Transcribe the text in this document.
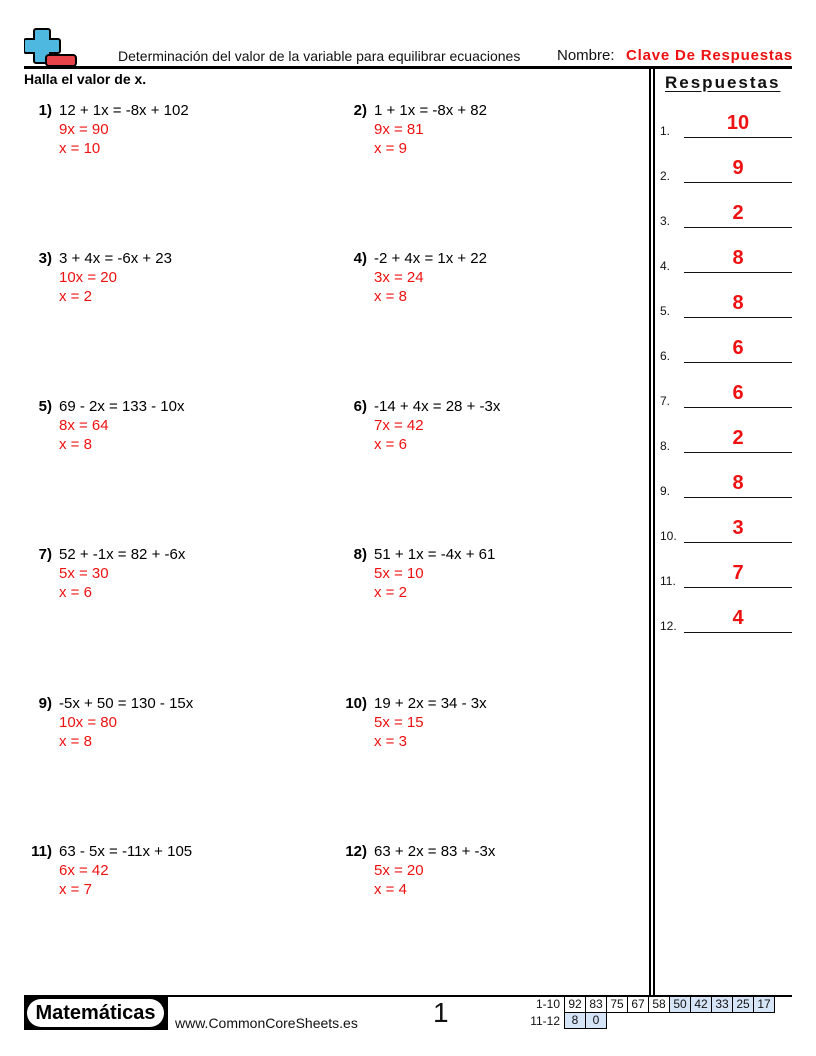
Determinación del valor de la variable para equilibrar ecuaciones Nombre: Clave De Respuestas
Halla el valor de x.
1) 12 + 1x = -8x + 102
9x = 90
x = 10
2) 1 + 1x = -8x + 82
9x = 81
x = 9
3) 3 + 4x = -6x + 23
10x = 20
x = 2
4) -2 + 4x = 1x + 22
3x = 24
x = 8
5) 69 - 2x = 133 - 10x
8x = 64
x = 8
6) -14 + 4x = 28 + -3x
7x = 42
x = 6
7) 52 + -1x = 82 + -6x
5x = 30
x = 6
8) 51 + 1x = -4x + 61
5x = 10
x = 2
9) -5x + 50 = 130 - 15x
10x = 80
x = 8
10) 19 + 2x = 34 - 3x
5x = 15
x = 3
11) 63 - 5x = -11x + 105
6x = 42
x = 7
12) 63 + 2x = 83 + -3x
5x = 20
x = 4
Respuestas
1.	10
2.	9
3.	2
4.	8
5.	8
6.	6
7.	6
8.	2
9.	8
10.	3
11.	7
12.	4
Matemáticas	www.CommonCoreSheets.es	1	1-10 92 83 75 67 58 50 42 33 25 17
11-12 8	0
